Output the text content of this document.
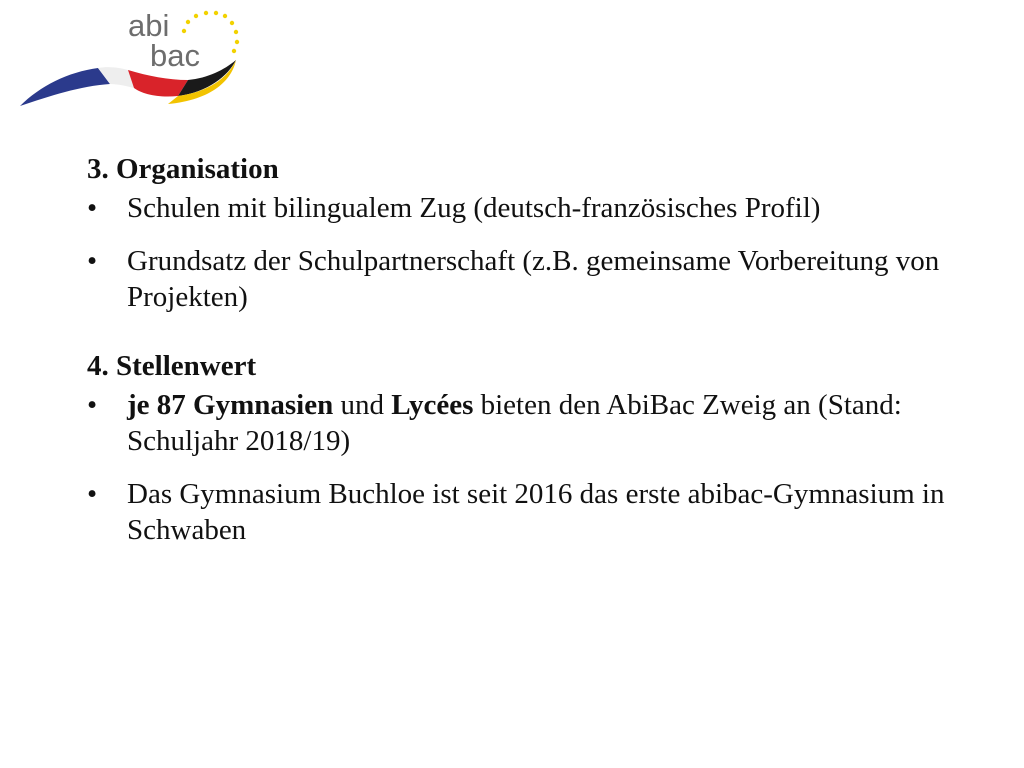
abi
bac
3. Organisation
• Schulen mit bilingualem Zug (deutsch-französisches Profil)
• Grundsatz der Schulpartnerschaft (z.B. gemeinsame Vorbereitung von Projekten)
4. Stellenwert
• je 87 Gymnasien und Lycées bieten den AbiBac Zweig an (Stand: Schuljahr 2018/19)
• Das Gymnasium Buchloe ist seit 2016 das erste abibac-Gymnasium in Schwaben
